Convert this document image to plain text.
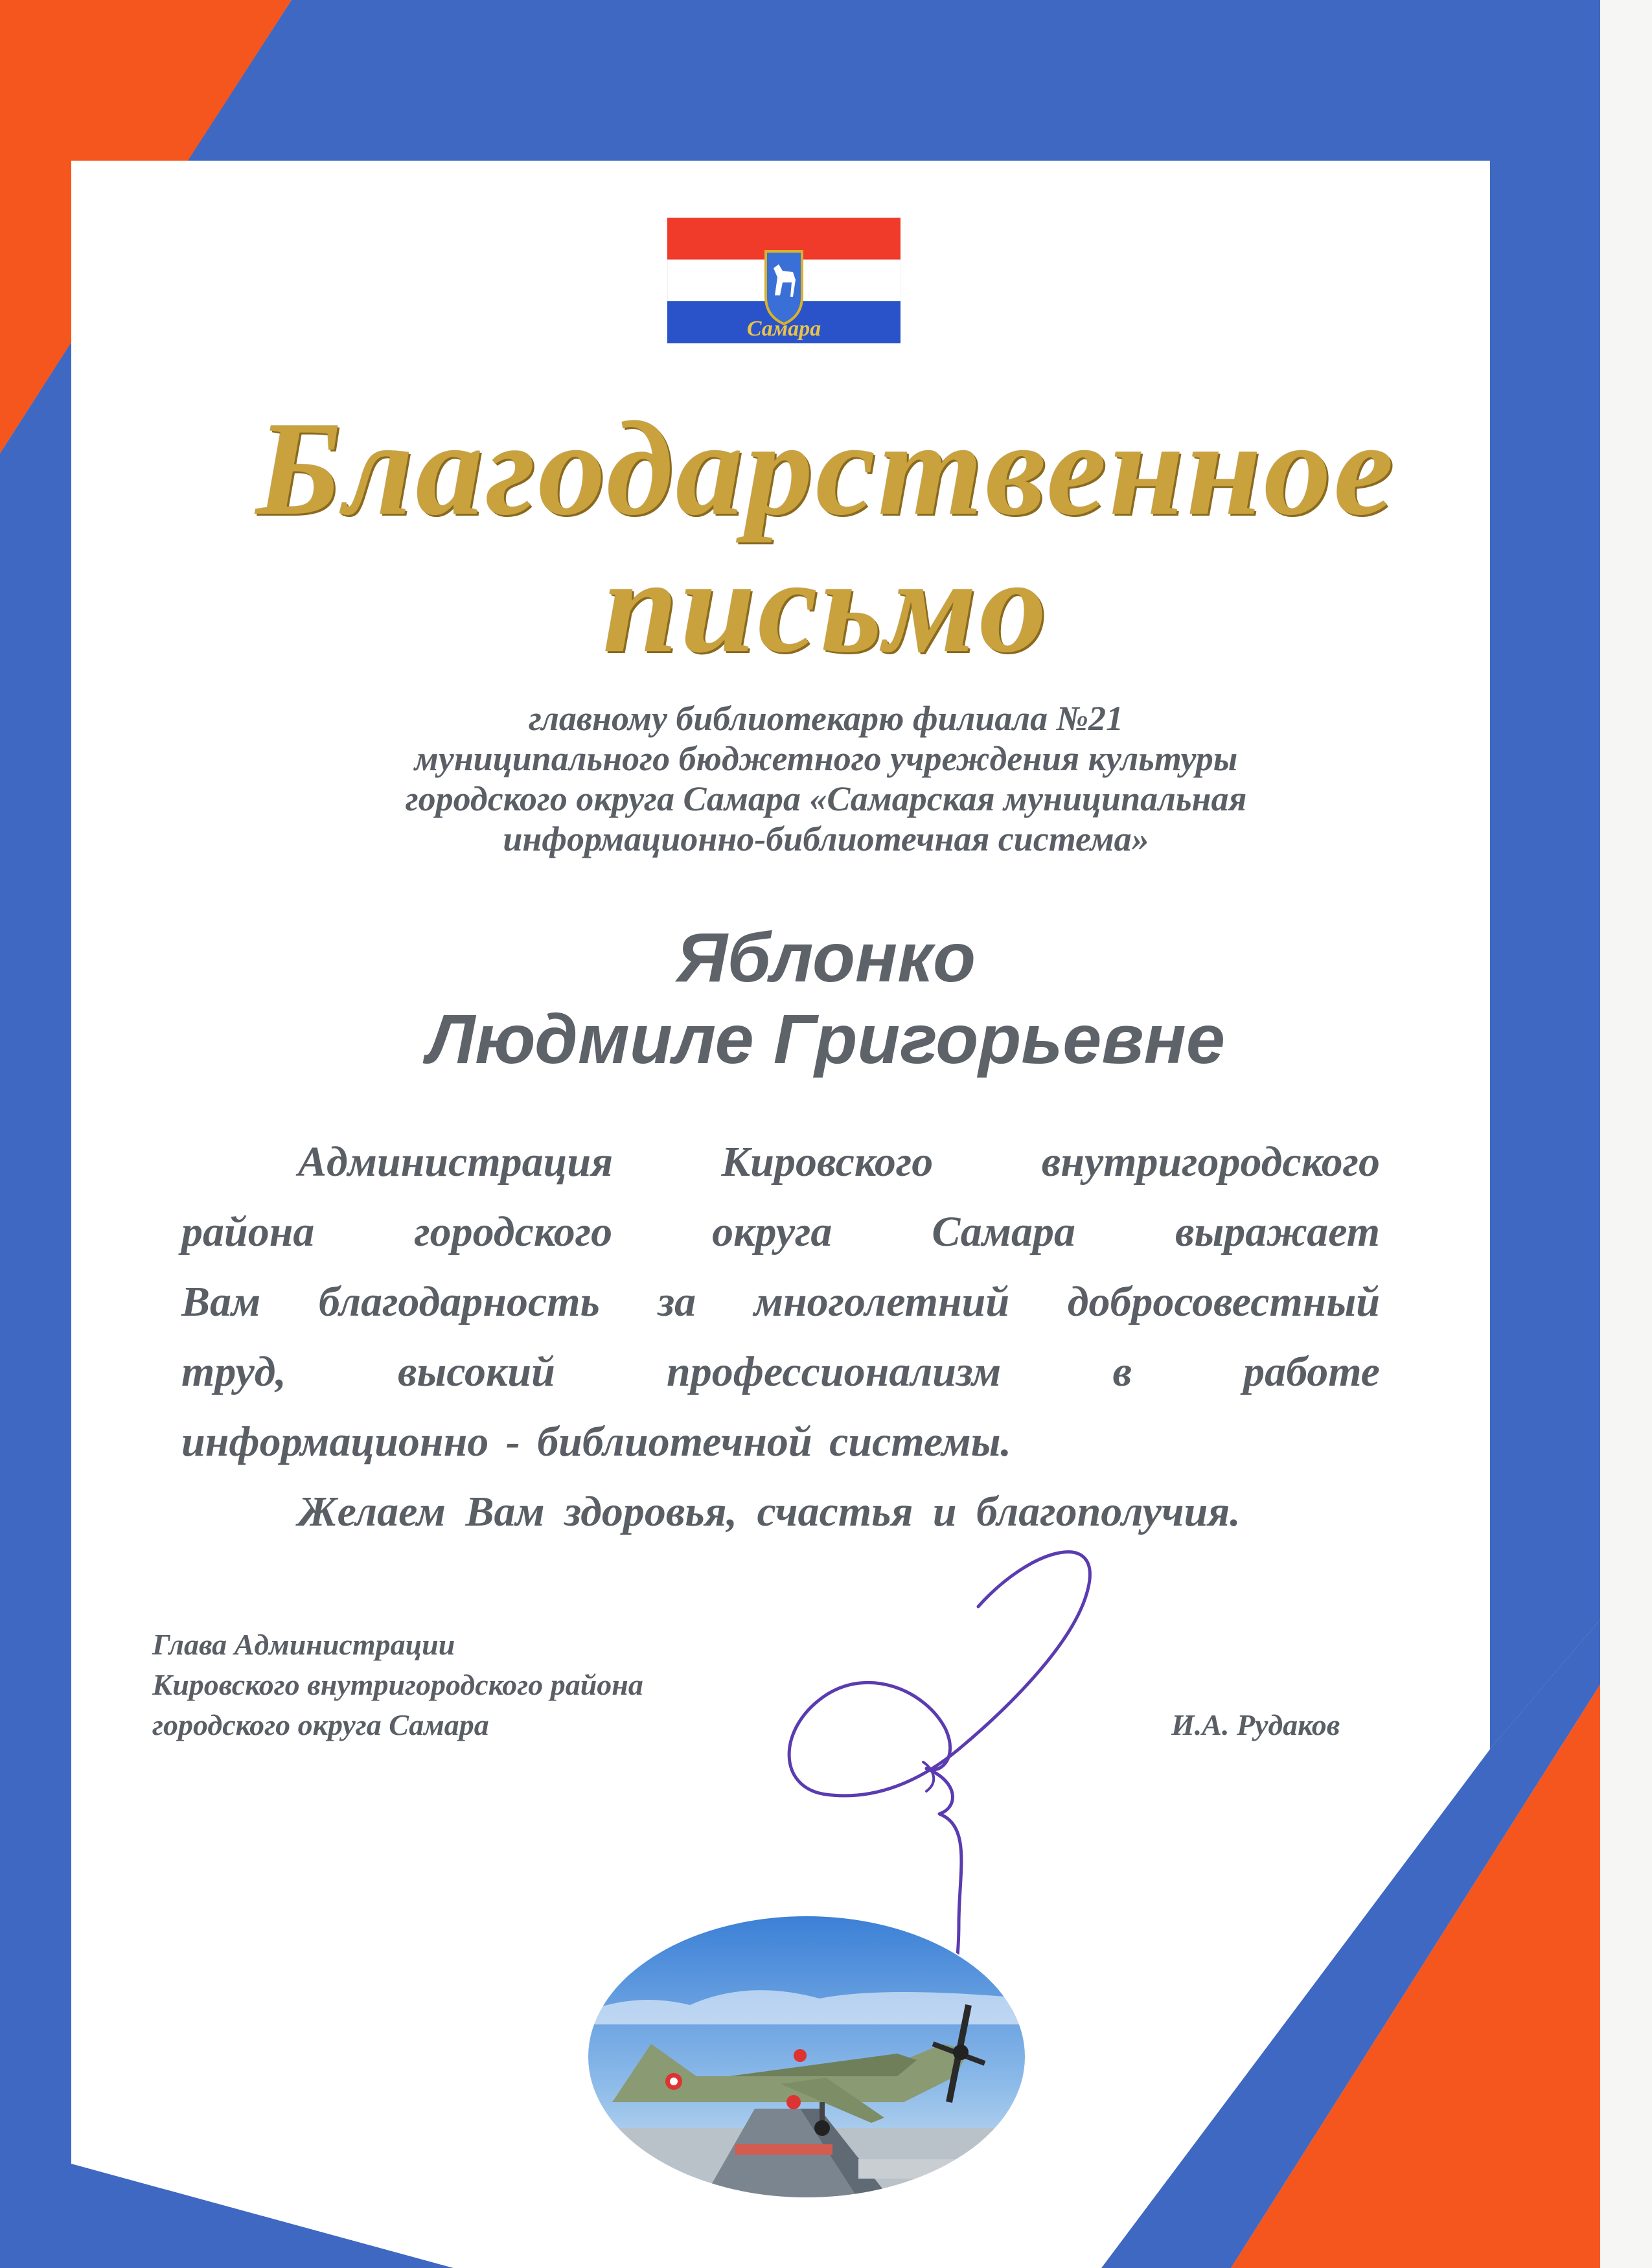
Самара
Благодарственное
письмо
главному библиотекарю филиала №21
муниципального бюджетного учреждения культуры
городского округа Самара «Самарская муниципальная
информационно-библиотечная система»
Яблонко
Людмиле Григорьевне
Администрация	Кировского	внутригородского
района городского округа Самара выражает
Вам благодарность за многолетний добросовестный
труд,	высокий	профессионализм	в	работе
информационно - библиотечной системы.
Желаем Вам здоровья, счастья и благополучия.
Глава Администрации
Кировского внутригородского района
городского округа Самара	И.А. Рудаков
